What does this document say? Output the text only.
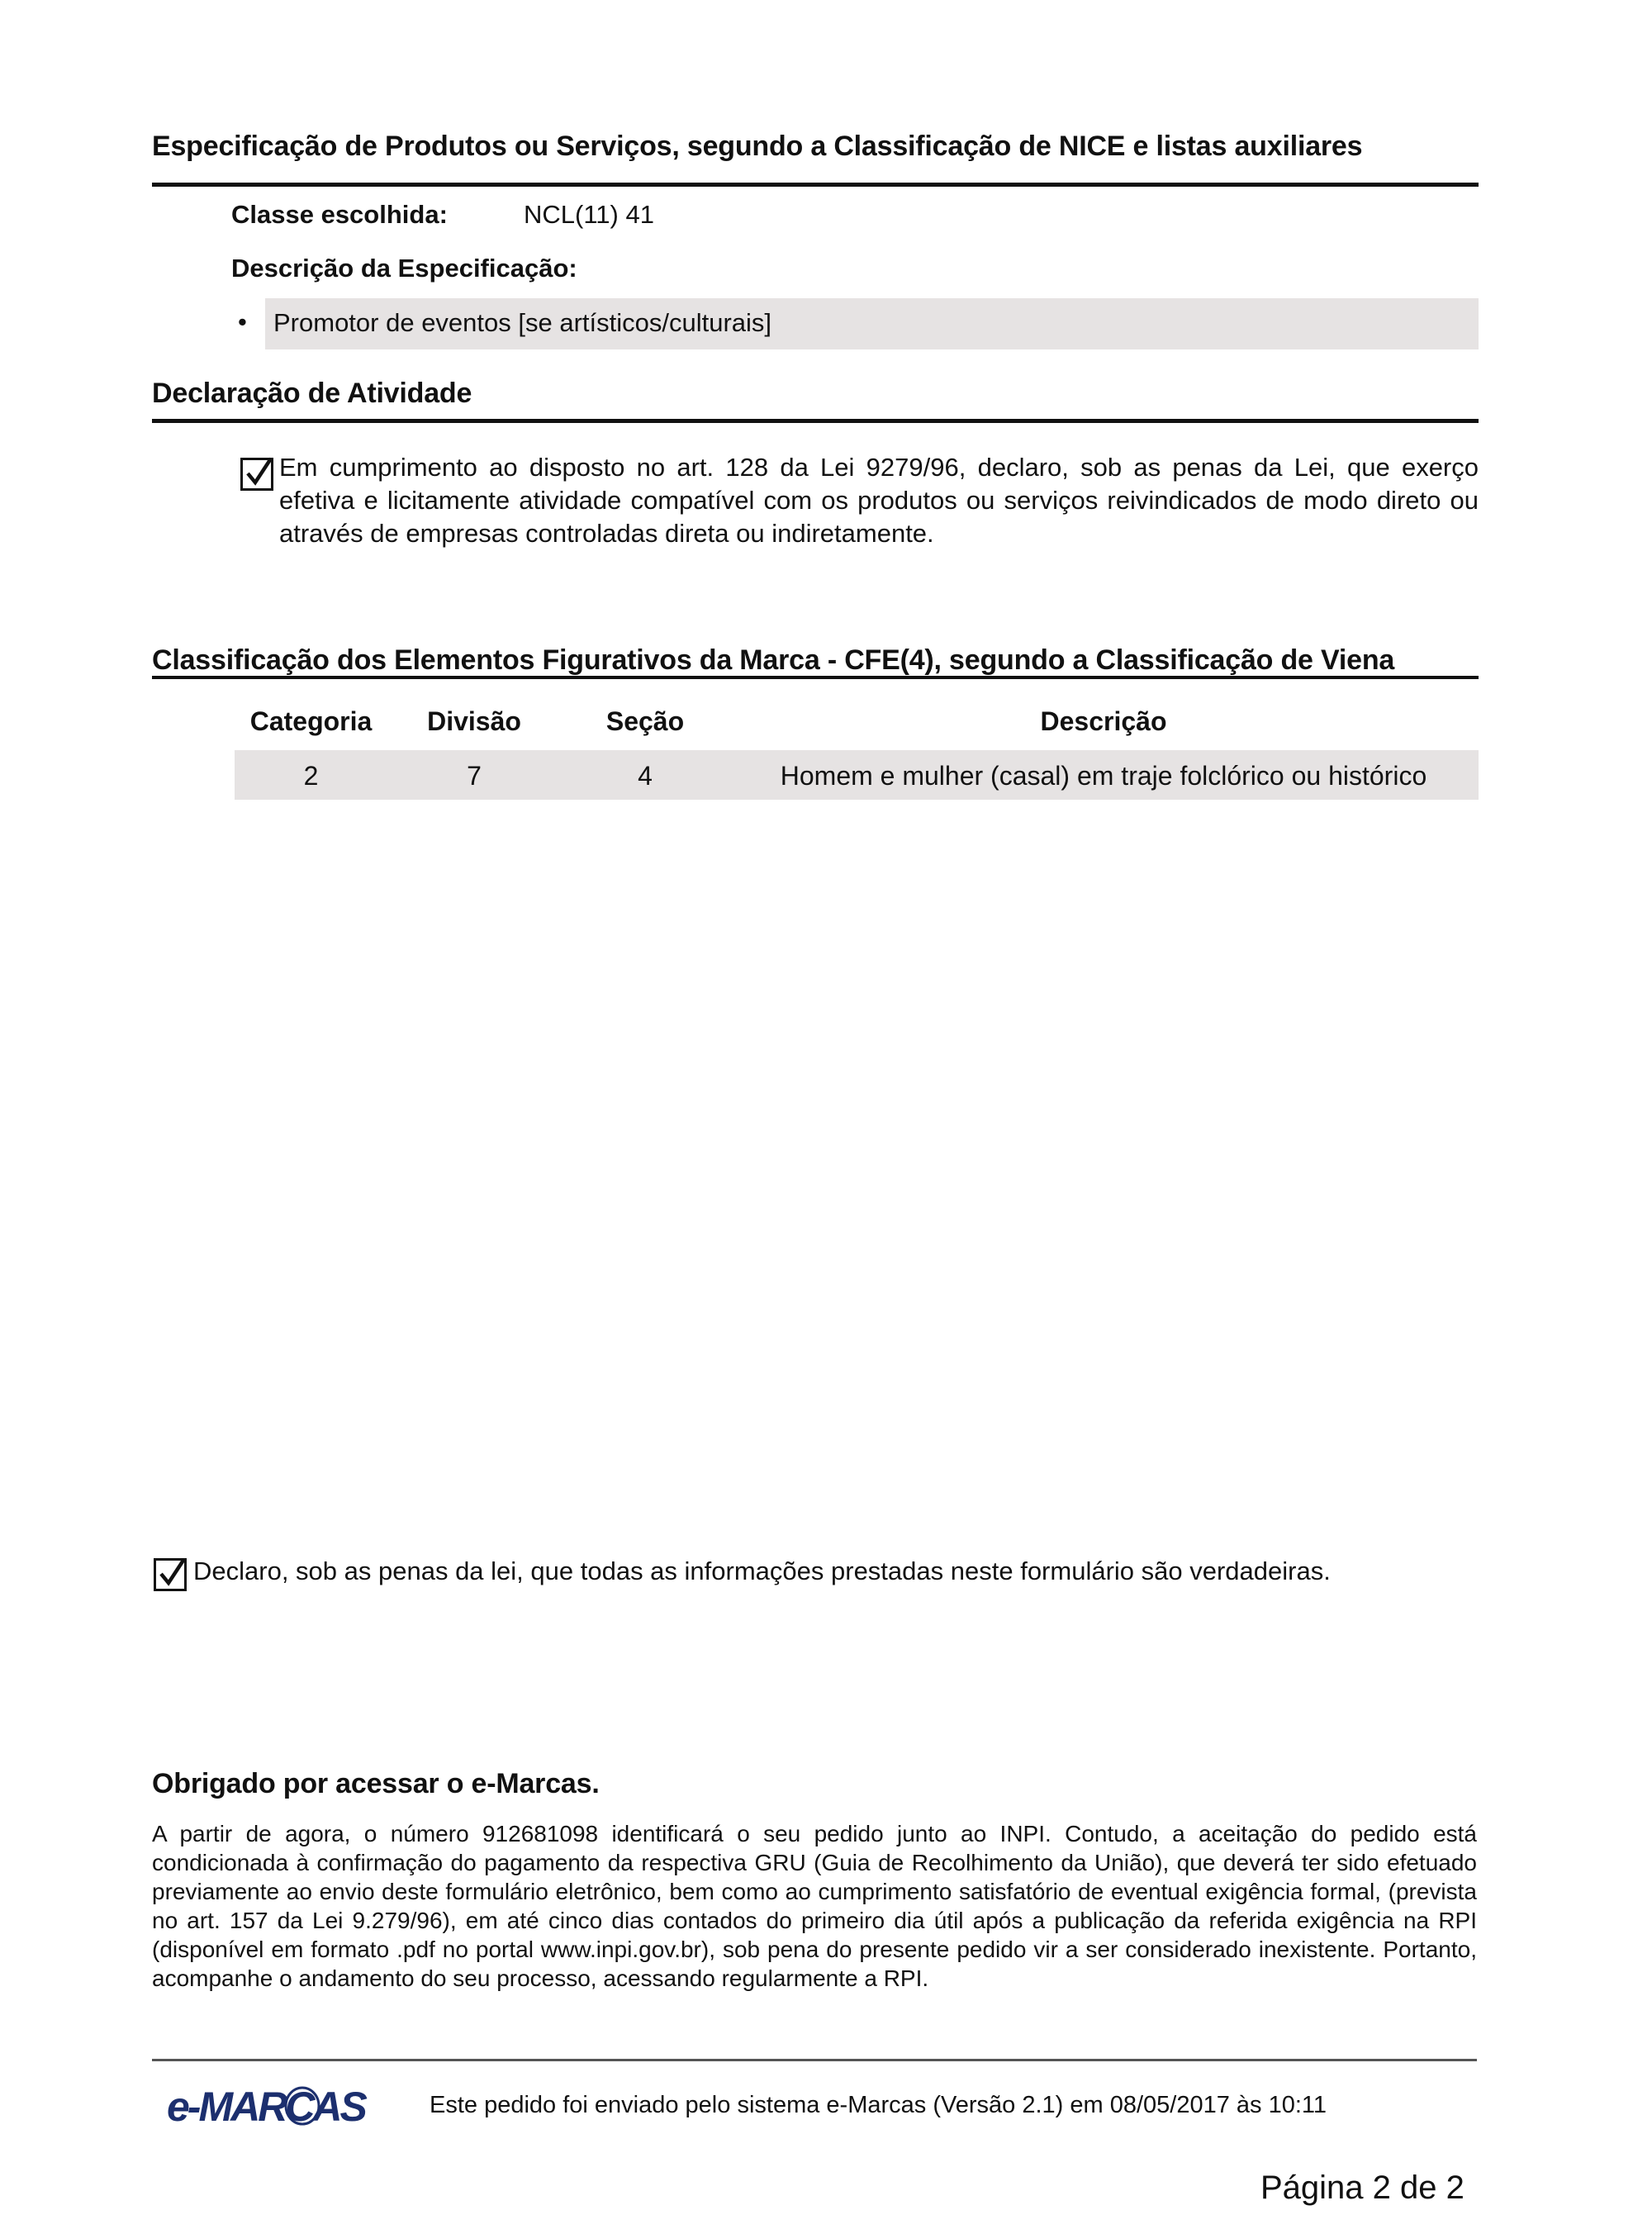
Especificação de Produtos ou Serviços, segundo a Classificação de NICE e listas auxiliares
Classe escolhida:	NCL(11) 41
Descrição da Especificação:
• Promotor de eventos [se artísticos/culturais]
Declaração de Atividade
Em cumprimento ao disposto no art. 128 da Lei 9279/96, declaro, sob as penas da Lei, que exerço efetiva e licitamente atividade compatível com os produtos ou serviços reivindicados de modo direto ou através de empresas controladas direta ou indiretamente.
Classificação dos Elementos Figurativos da Marca - CFE(4), segundo a Classificação de Viena
Categoria	Divisão	Seção	Descrição
2	7	4	Homem e mulher (casal) em traje folclórico ou histórico
Declaro, sob as penas da lei, que todas as informações prestadas neste formulário são verdadeiras.
Obrigado por acessar o e-Marcas.
A partir de agora, o número 912681098 identificará o seu pedido junto ao INPI. Contudo, a aceitação do pedido está condicionada à confirmação do pagamento da respectiva GRU (Guia de Recolhimento da União), que deverá ter sido efetuado previamente ao envio deste formulário eletrônico, bem como ao cumprimento satisfatório de eventual exigência formal, (prevista no art. 157 da Lei 9.279/96), em até cinco dias contados do primeiro dia útil após a publicação da referida exigência na RPI (disponível em formato .pdf no portal www.inpi.gov.br), sob pena do presente pedido vir a ser considerado inexistente. Portanto, acompanhe o andamento do seu processo, acessando regularmente a RPI.
e-MARCAS	Este pedido foi enviado pelo sistema e-Marcas (Versão 2.1) em 08/05/2017 às 10:11
Página 2 de 2
